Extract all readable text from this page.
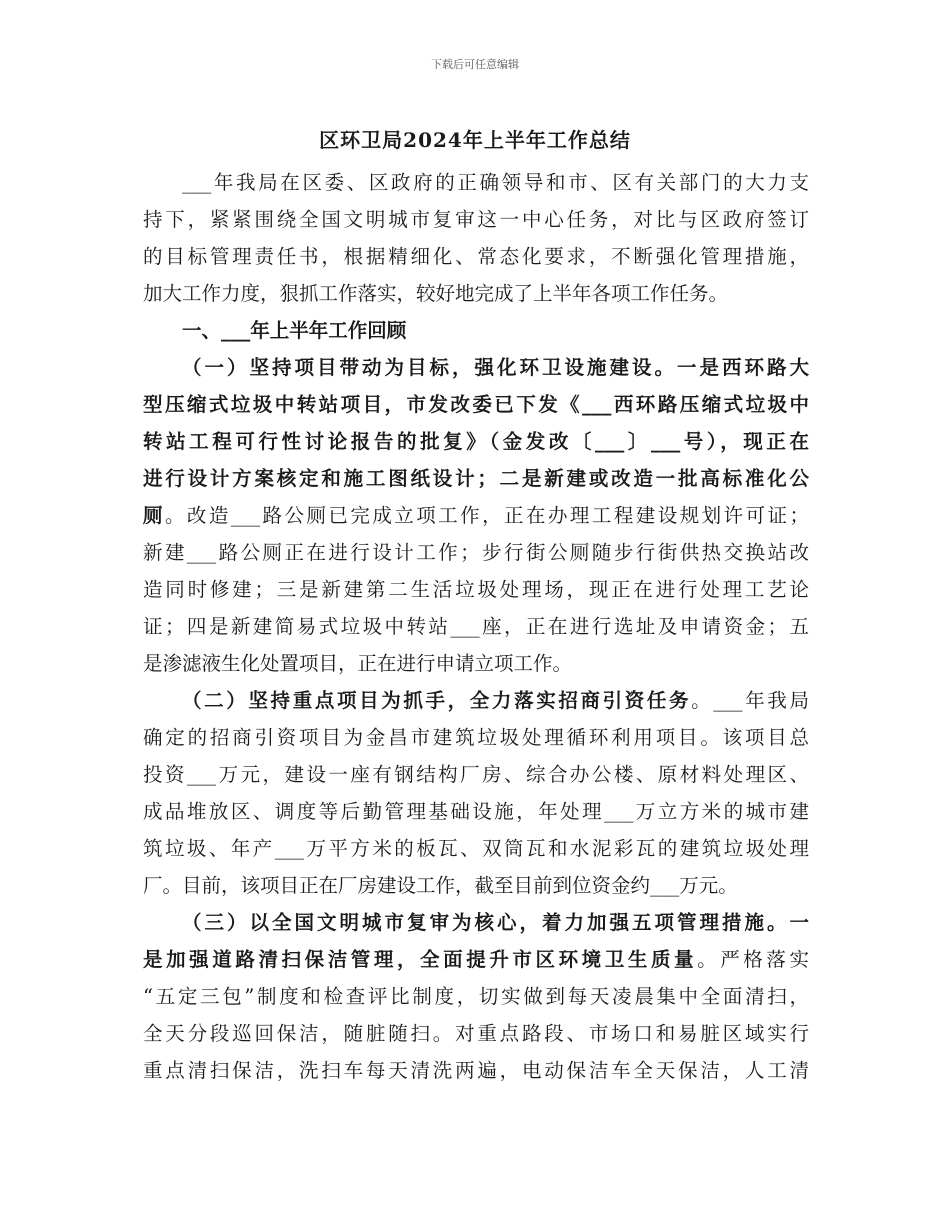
下载后可任意编辑
区环卫局2024年上半年工作总结
___年我局在区委、区政府的正确领导和市、区有关部门的大力支
持下，紧紧围绕全国文明城市复审这一中心任务，对比与区政府签订
的目标管理责任书，根据精细化、常态化要求，不断强化管理措施，
加大工作力度，狠抓工作落实，较好地完成了上半年各项工作任务。
一、___年上半年工作回顾
（一）坚持项目带动为目标，强化环卫设施建设。一是西环路大
型压缩式垃圾中转站项目，市发改委已下发《___西环路压缩式垃圾中
转站工程可行性讨论报告的批复》（金发改〔___〕___号），现正在
进行设计方案核定和施工图纸设计；二是新建或改造一批高标准化公
厕。改造___路公厕已完成立项工作，正在办理工程建设规划许可证；
新建___路公厕正在进行设计工作；步行街公厕随步行街供热交换站改
造同时修建；三是新建第二生活垃圾处理场，现正在进行处理工艺论
证；四是新建简易式垃圾中转站___座，正在进行选址及申请资金；五
是渗滤液生化处置项目，正在进行申请立项工作。
（二）坚持重点项目为抓手，全力落实招商引资任务。___年我局
确定的招商引资项目为金昌市建筑垃圾处理循环利用项目。该项目总
投资___万元，建设一座有钢结构厂房、综合办公楼、原材料处理区、
成品堆放区、调度等后勤管理基础设施，年处理___万立方米的城市建
筑垃圾、年产___万平方米的板瓦、双筒瓦和水泥彩瓦的建筑垃圾处理
厂。目前，该项目正在厂房建设工作，截至目前到位资金约___万元。
（三）以全国文明城市复审为核心，着力加强五项管理措施。一
是加强道路清扫保洁管理，全面提升市区环境卫生质量。严格落实
“五定三包”制度和检查评比制度，切实做到每天凌晨集中全面清扫，
全天分段巡回保洁，随脏随扫。对重点路段、市场口和易脏区域实行
重点清扫保洁，洗扫车每天清洗两遍，电动保洁车全天保洁，人工清
